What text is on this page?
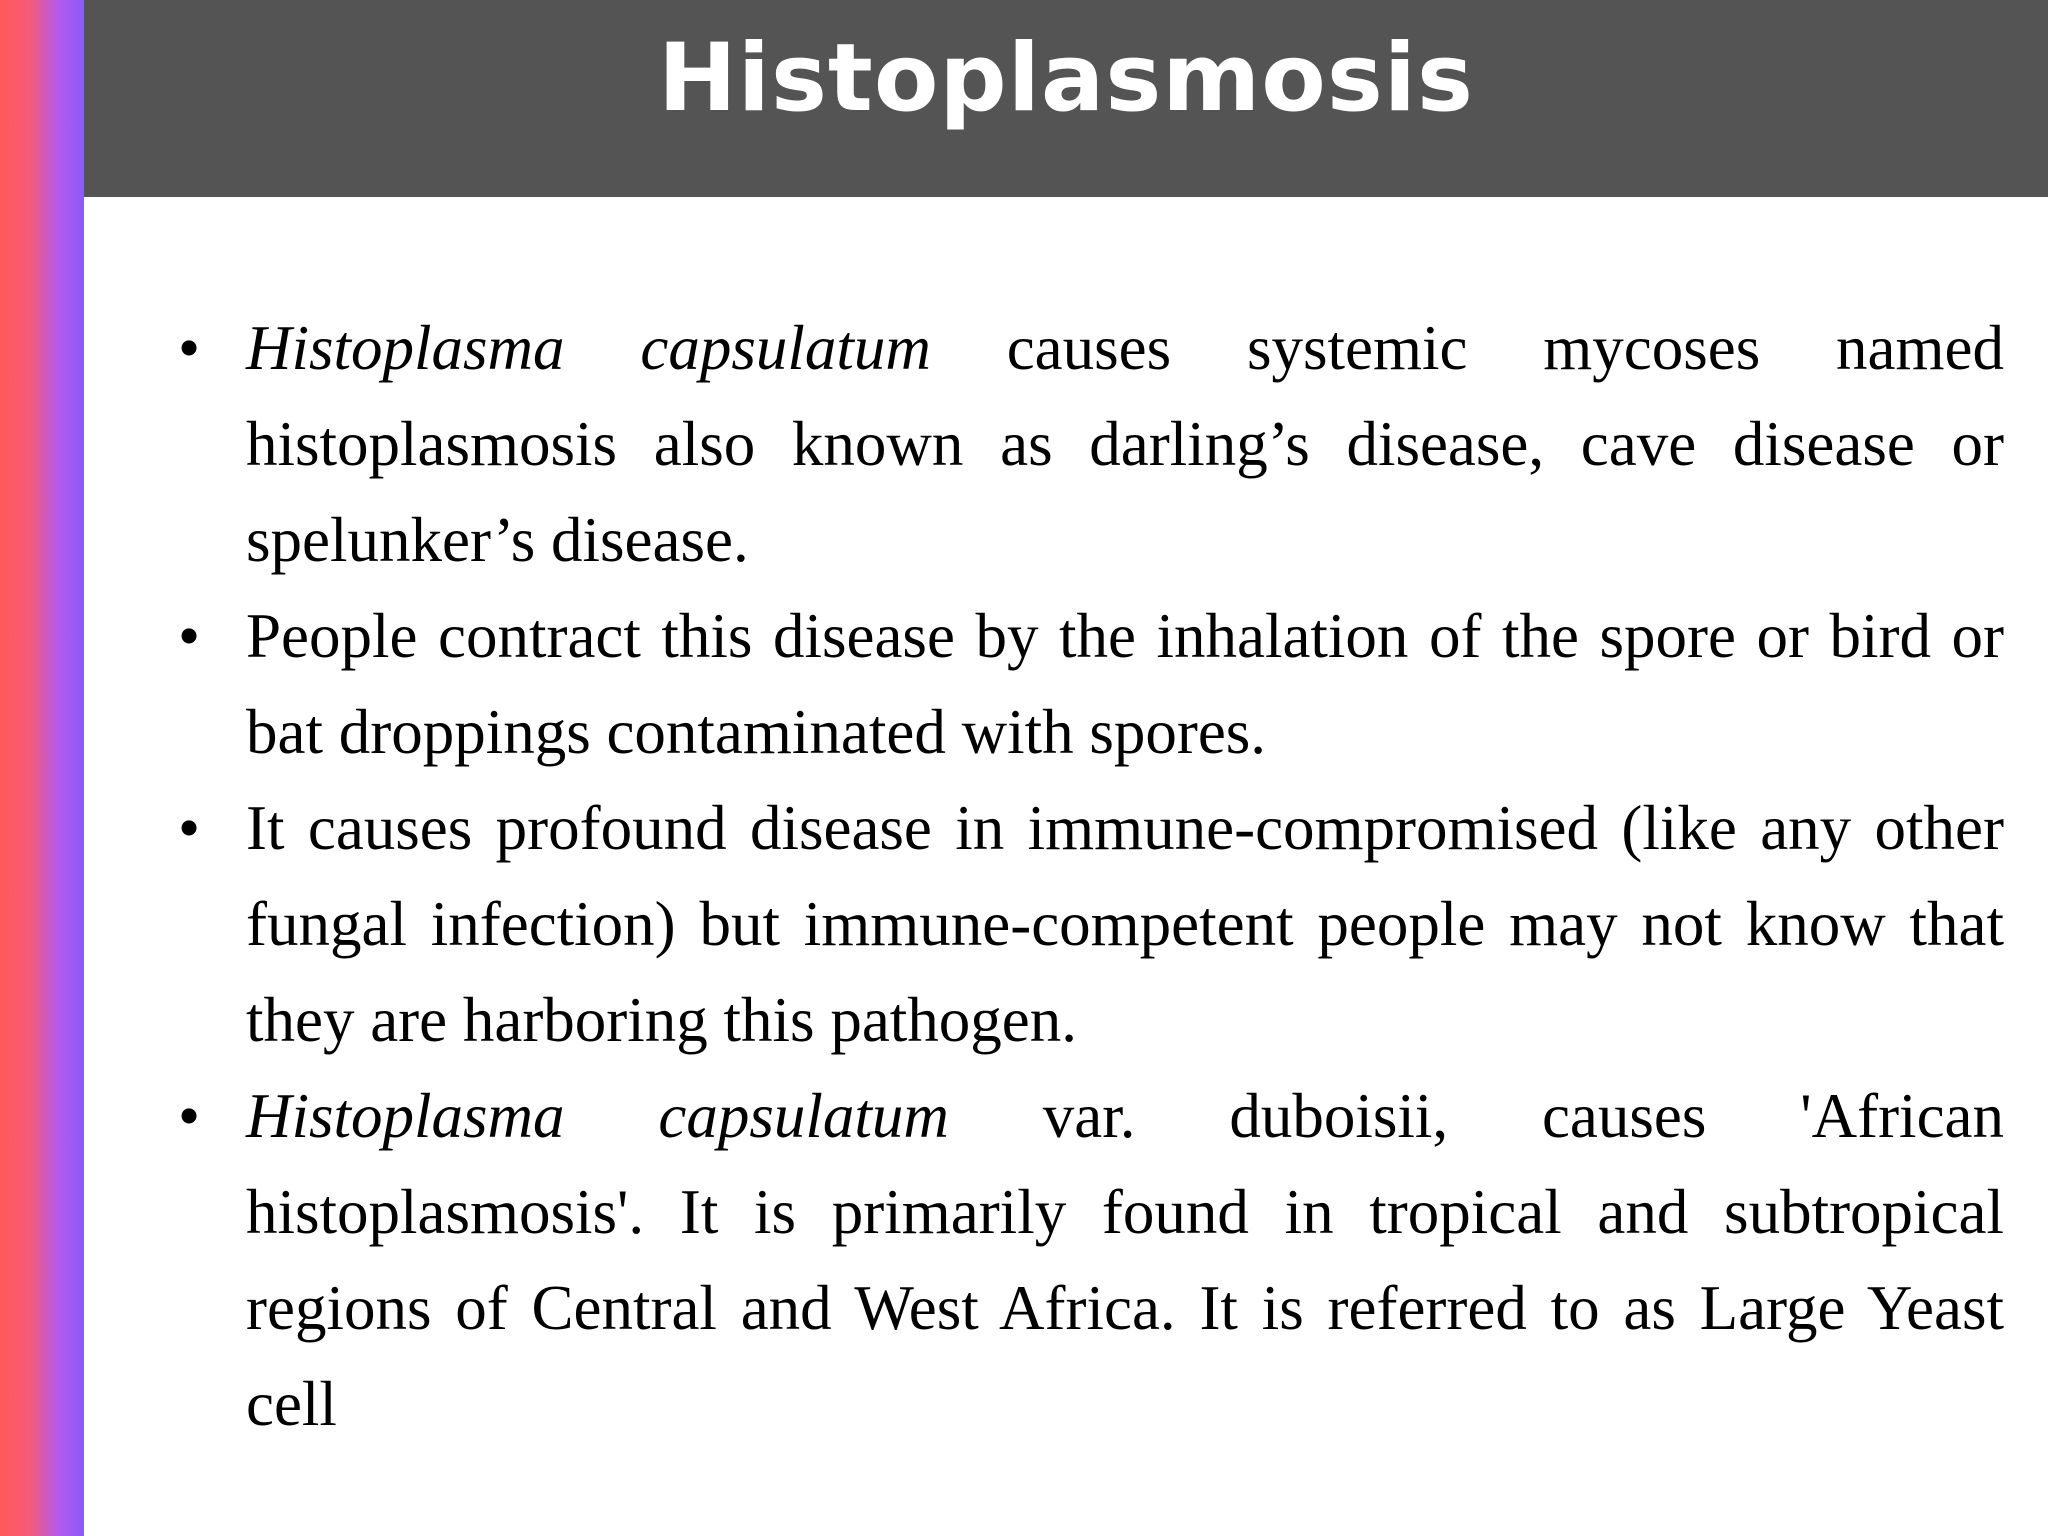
Histoplasmosis
• Histoplasma capsulatum causes systemic mycoses named histoplasmosis also known as darling’s disease, cave disease or spelunker’s disease.
• People contract this disease by the inhalation of the spore or bird or bat droppings contaminated with spores.
• It causes profound disease in immune-compromised (like any other fungal infection) but immune-competent people may not know that they are harboring this pathogen.
• Histoplasma capsulatum var. duboisii, causes 'African histoplasmosis'. It is primarily found in tropical and subtropical regions of Central and West Africa. It is referred to as Large Yeast cell
